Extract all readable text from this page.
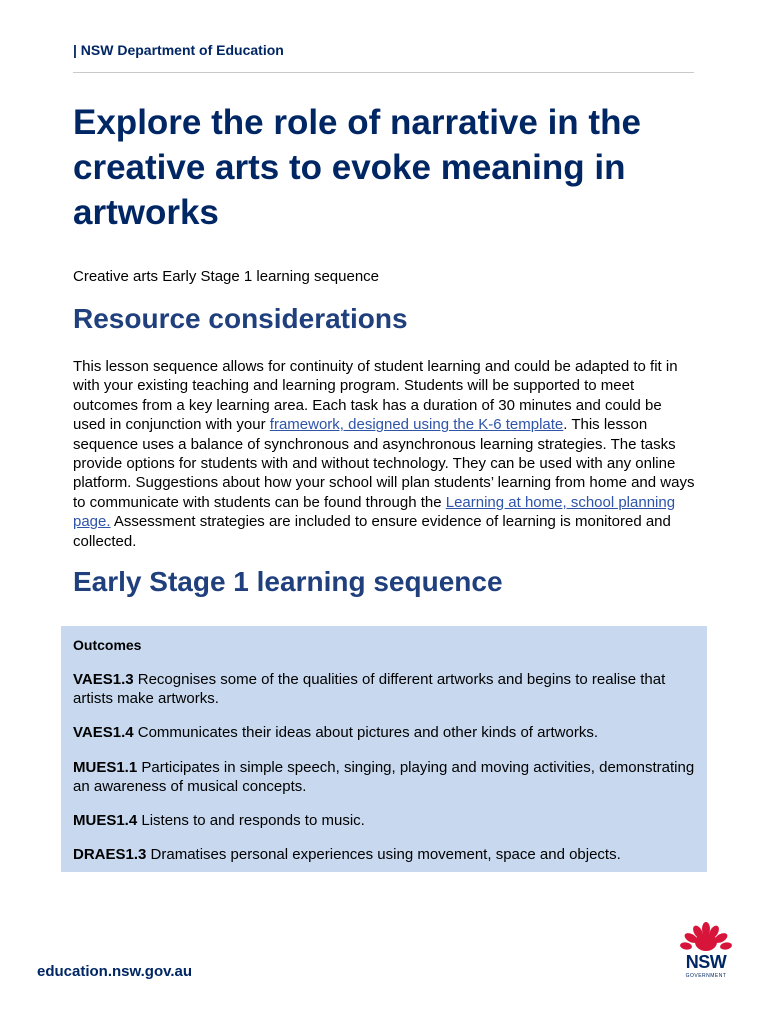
| NSW Department of Education
Explore the role of narrative in the creative arts to evoke meaning in artworks
Creative arts Early Stage 1 learning sequence
Resource considerations

This lesson sequence allows for continuity of student learning and could be adapted to fit in with your existing teaching and learning program. Students will be supported to meet outcomes from a key learning area. Each task has a duration of 30 minutes and could be used in conjunction with your framework, designed using the K-6 template. This lesson sequence uses a balance of synchronous and asynchronous learning strategies. The tasks provide options for students with and without technology. They can be used with any online platform. Suggestions about how your school will plan students’ learning from home and ways to communicate with students can be found through the Learning at home, school planning page. Assessment strategies are included to ensure evidence of learning is monitored and collected.

Early Stage 1 learning sequence
Outcomes

VAES1.3 Recognises some of the qualities of different artworks and begins to realise that artists make artworks.

VAES1.4 Communicates their ideas about pictures and other kinds of artworks.

MUES1.1 Participates in simple speech, singing, playing and moving activities, demonstrating an awareness of musical concepts.

MUES1.4 Listens to and responds to music.

DRAES1.3 Dramatises personal experiences using movement, space and objects.

education.nsw.gov.au	NSW
GOVERNMENT
